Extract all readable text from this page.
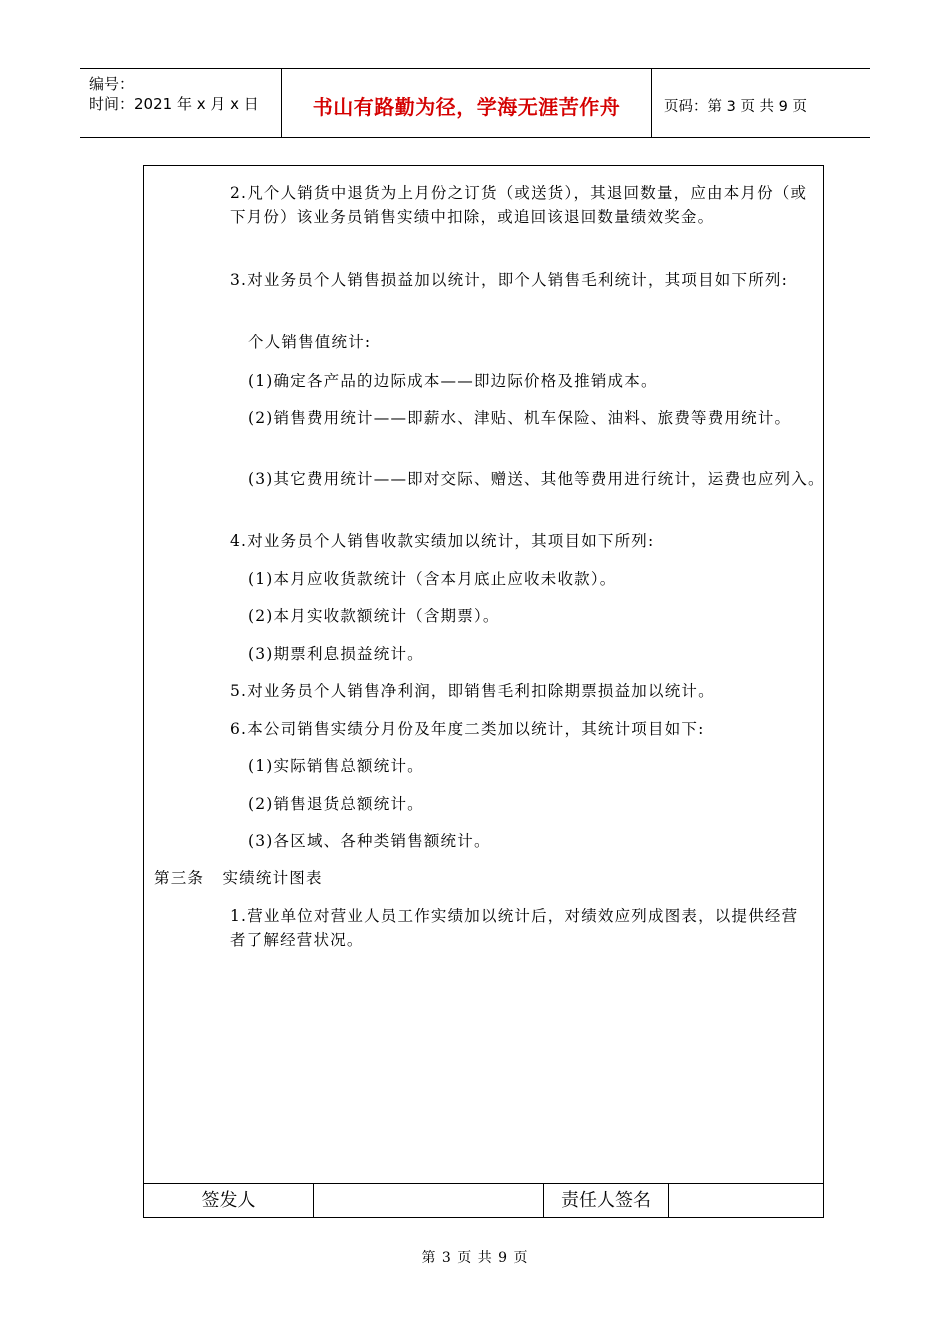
编号：
时间：2021 年 x 月 x 日	书山有路勤为径，学海无涯苦作舟	页码：第 3 页 共 9 页
2.凡个人销货中退货为上月份之订货（或送货），其退回数量，应由本月份（或下月份）该业务员销售实绩中扣除，或追回该退回数量绩效奖金。
3.对业务员个人销售损益加以统计，即个人销售毛利统计，其项目如下所列:
个人销售值统计:
(1)确定各产品的边际成本——即边际价格及推销成本。
(2)销售费用统计——即薪水、津贴、机车保险、油料、旅费等费用统计。
(3)其它费用统计——即对交际、赠送、其他等费用进行统计，运费也应列入。
4.对业务员个人销售收款实绩加以统计，其项目如下所列:
(1)本月应收货款统计（含本月底止应收未收款）。
(2)本月实收款额统计（含期票）。
(3)期票利息损益统计。
5.对业务员个人销售净利润，即销售毛利扣除期票损益加以统计。
6.本公司销售实绩分月份及年度二类加以统计，其统计项目如下:
(1)实际销售总额统计。
(2)销售退货总额统计。
(3)各区域、各种类销售额统计。
第三条   实绩统计图表
1.营业单位对营业人员工作实绩加以统计后，对绩效应列成图表，以提供经营者了解经营状况。
签发人	责任人签名
第 3 页 共 9 页
